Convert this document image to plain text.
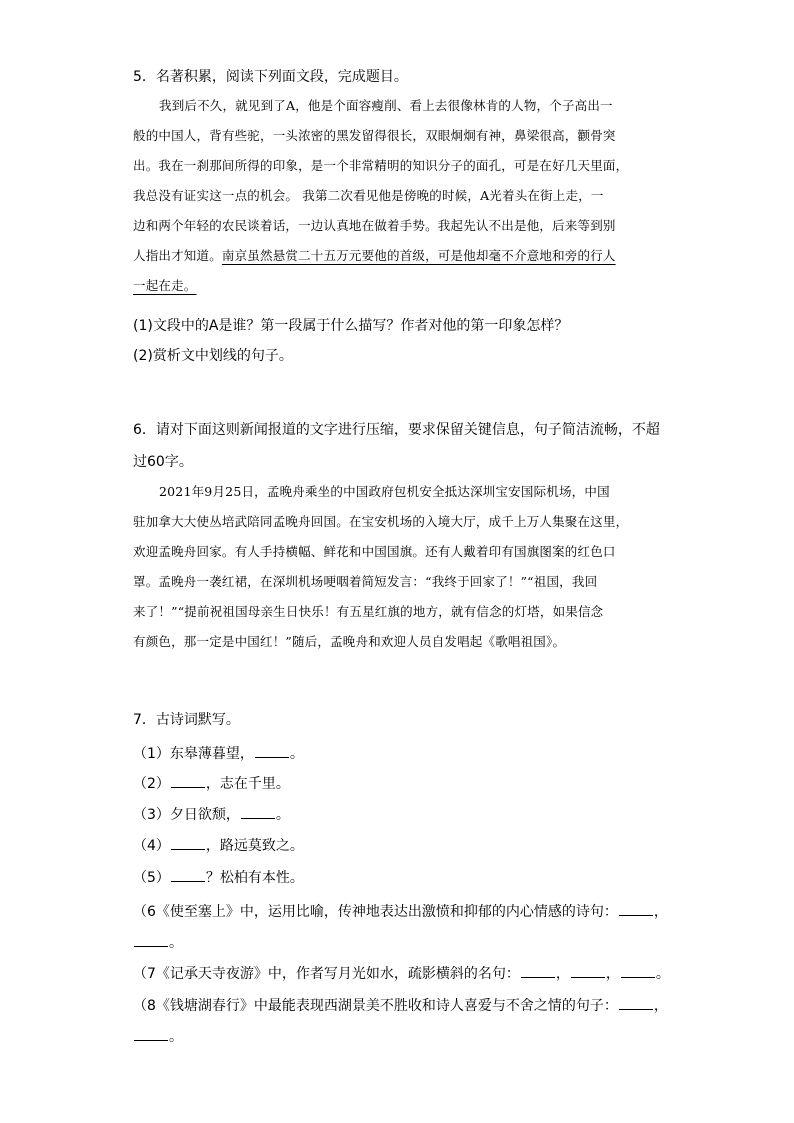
5．名著积累，阅读下列面文段，完成题目。
我到后不久，就见到了A，他是个面容瘦削、看上去很像林肯的人物，个子高出一
般的中国人，背有些驼，一头浓密的黑发留得很长，双眼炯炯有神，鼻梁很高，颧骨突
出。我在一刹那间所得的印象，是一个非常精明的知识分子的面孔，可是在好几天里面，
我总没有证实这一点的机会。 我第二次看见他是傍晚的时候，A光着头在街上走，一
边和两个年轻的农民谈着话，一边认真地在做着手势。我起先认不出是他，后来等到别
人指出才知道。南京虽然悬赏二十五万元要他的首级，可是他却毫不介意地和旁的行人
一起在走。
(1)文段中的A是谁？第一段属于什么描写？作者对他的第一印象怎样？
(2)赏析文中划线的句子。
6．请对下面这则新闻报道的文字进行压缩，要求保留关键信息，句子简洁流畅，不超
过60字。
2021年9月25日，孟晚舟乘坐的中国政府包机安全抵达深圳宝安国际机场，中国
驻加拿大大使丛培武陪同孟晚舟回国。在宝安机场的入境大厅，成千上万人集聚在这里，
欢迎孟晚舟回家。有人手持横幅、鲜花和中国国旗。还有人戴着印有国旗图案的红色口
罩。孟晚舟一袭红裙，在深圳机场哽咽着简短发言：“我终于回家了！”“祖国，我回
来了！”“提前祝祖国母亲生日快乐！有五星红旗的地方，就有信念的灯塔，如果信念
有颜色，那一定是中国红！”随后，孟晚舟和欢迎人员自发唱起《歌唱祖国》。
7．古诗词默写。
（1）东皋薄暮望，	。
（2）	，志在千里。
（3）夕日欲颓，	。
（4）	，路远莫致之。
（5）	？松柏有本性。
（6《使至塞上》中，运用比喻，传神地表达出激愤和抑郁的内心情感的诗句：	，
。
（7《记承天寺夜游》中，作者写月光如水，疏影横斜的名句：	，	，	。
（8《钱塘湖春行》中最能表现西湖景美不胜收和诗人喜爱与不舍之情的句子：	，
。
